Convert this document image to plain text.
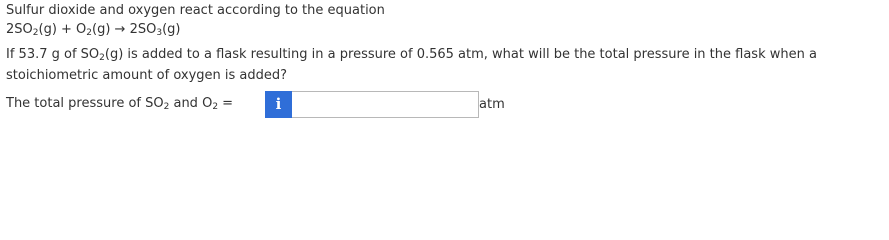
Sulfur dioxide and oxygen react according to the equation
$2SO_2(g) + O_2(g) \to 2SO_3(g)$
If 53.7 g of $SO_2(g)$ is added to a flask resulting in a pressure of 0.565 atm, what will be the total pressure in the flask when a
stoichiometric amount of oxygen is added?
The total pressure of $SO_2$ and $O_2$ =	i	atm
